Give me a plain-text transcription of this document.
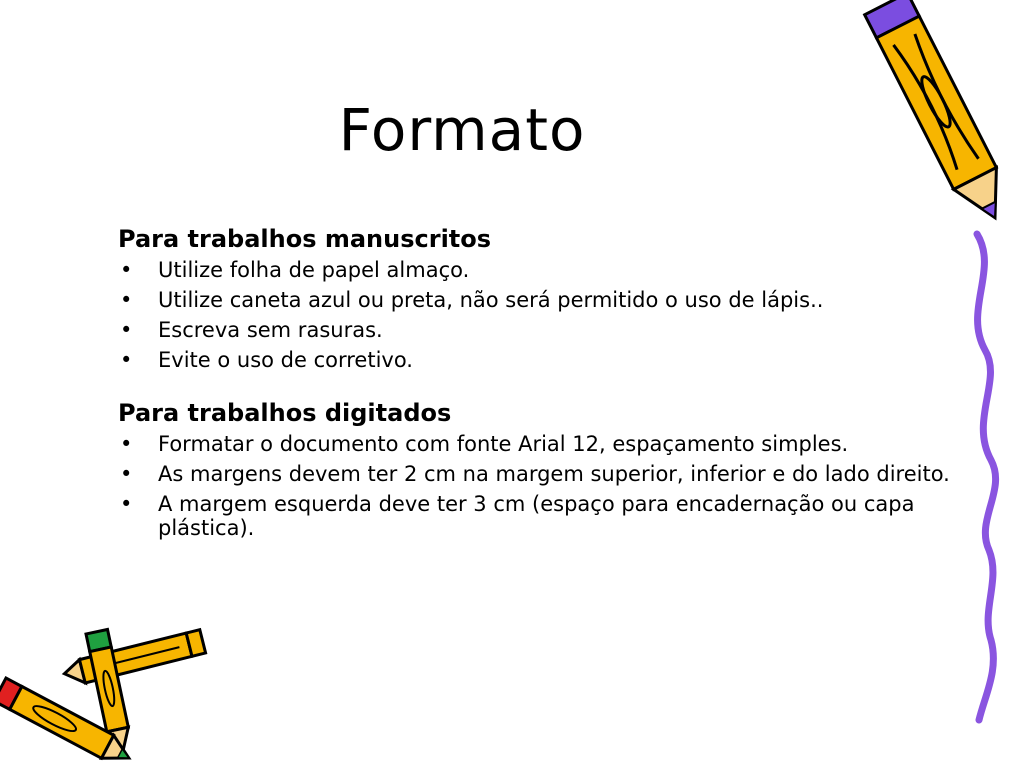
Formato
Para trabalhos manuscritos
• Utilize folha de papel almaço.
• Utilize caneta azul ou preta, não será permitido o uso de lápis..
• Escreva sem rasuras.
• Evite o uso de corretivo.
Para trabalhos digitados
• Formatar o documento com fonte Arial 12, espaçamento simples.
• As margens devem ter 2 cm na margem superior, inferior e do lado direito.
• A margem esquerda deve ter 3 cm (espaço para encadernação ou capa plástica).
